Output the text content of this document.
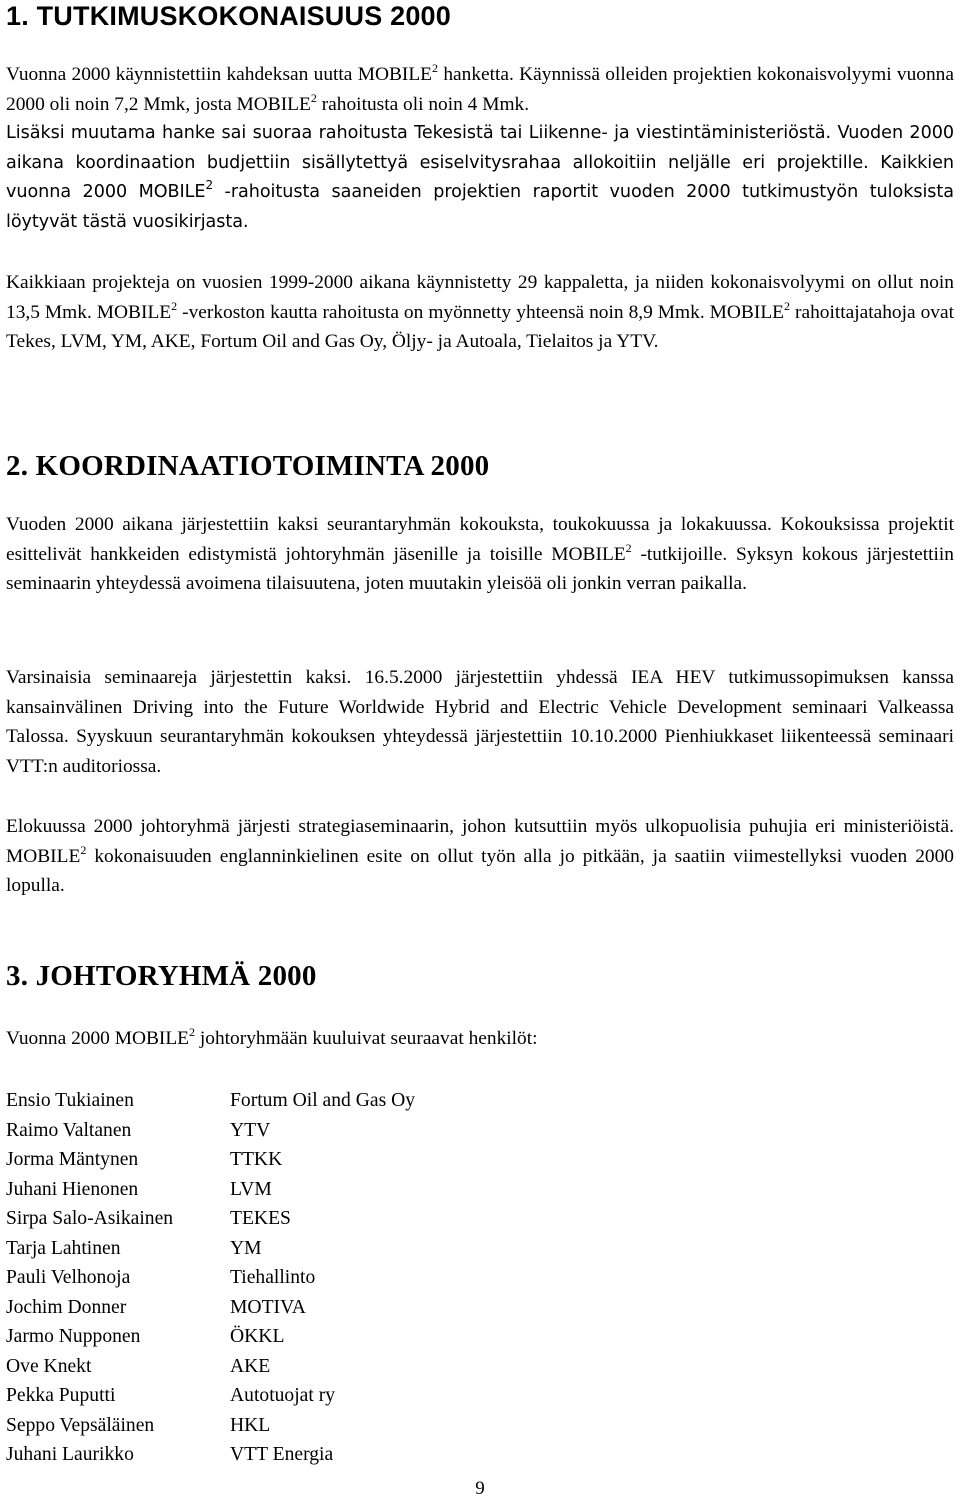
1. TUTKIMUSKOKONAISUUS 2000

Vuonna 2000 käynnistettiin kahdeksan uutta MOBILE$^2$ hanketta. Käynnissä olleiden projektien kokonaisvolyymi vuonna 2000 oli noin 7,2 Mmk, josta MOBILE$^2$ rahoitusta oli noin 4 Mmk.

Lisäksi muutama hanke sai suoraa rahoitusta Tekesistä tai Liikenne- ja viestintäministeriöstä. Vuoden 2000 aikana koordinaation budjettiin sisällytettyä esiselvitysrahaa allokoitiin neljälle eri projektille. Kaikkien vuonna 2000 MOBILE$^2$ -rahoitusta saaneiden projektien raportit vuoden 2000 tutkimustyön tuloksista löytyvät tästä vuosikirjasta.

Kaikkiaan projekteja on vuosien 1999-2000 aikana käynnistetty 29 kappaletta, ja niiden kokonaisvolyymi on ollut noin 13,5 Mmk. MOBILE$^2$ -verkoston kautta rahoitusta on myönnetty yhteensä noin 8,9 Mmk. MOBILE$^2$ rahoittajatahoja ovat Tekes, LVM, YM, AKE, Fortum Oil and Gas Oy, Öljy- ja Autoala, Tielaitos ja YTV.

2. KOORDINAATIOTOIMINTA 2000

Vuoden 2000 aikana järjestettiin kaksi seurantaryhmän kokouksta, toukokuussa ja lokakuussa. Kokouksissa projektit esittelivät hankkeiden edistymistä johtoryhmän jäsenille ja toisille MOBILE$^2$ -tutkijoille. Syksyn kokous järjestettiin seminaarin yhteydessä avoimena tilaisuutena, joten muutakin yleisöä oli jonkin verran paikalla.

Varsinaisia seminaareja järjestettin kaksi. 16.5.2000 järjestettiin yhdessä IEA HEV tutkimussopimuksen kanssa kansainvälinen Driving into the Future Worldwide Hybrid and Electric Vehicle Development seminaari Valkeassa Talossa. Syyskuun seurantaryhmän kokouksen yhteydessä järjestettiin 10.10.2000 Pienhiukkaset liikenteessä seminaari VTT:n auditoriossa.

Elokuussa 2000 johtoryhmä järjesti strategiaseminaarin, johon kutsuttiin myös ulkopuolisia puhujia eri ministeriöistä. MOBILE$^2$ kokonaisuuden englanninkielinen esite on ollut työn alla jo pitkään, ja saatiin viimestellyksi vuoden 2000 lopulla.

3. JOHTORYHMÄ 2000

Vuonna 2000 MOBILE$^2$ johtoryhmään kuuluivat seuraavat henkilöt:

Ensio Tukiainen	Fortum Oil and Gas Oy
Raimo Valtanen	YTV
Jorma Mäntynen	TTKK
Juhani Hienonen	LVM
Sirpa Salo-Asikainen	TEKES
Tarja Lahtinen	YM
Pauli Velhonoja	Tiehallinto
Jochim Donner	MOTIVA
Jarmo Nupponen	ÖKKL
Ove Knekt	AKE
Pekka Puputti	Autotuojat ry
Seppo Vepsäläinen	HKL
Juhani Laurikko	VTT Energia
9
